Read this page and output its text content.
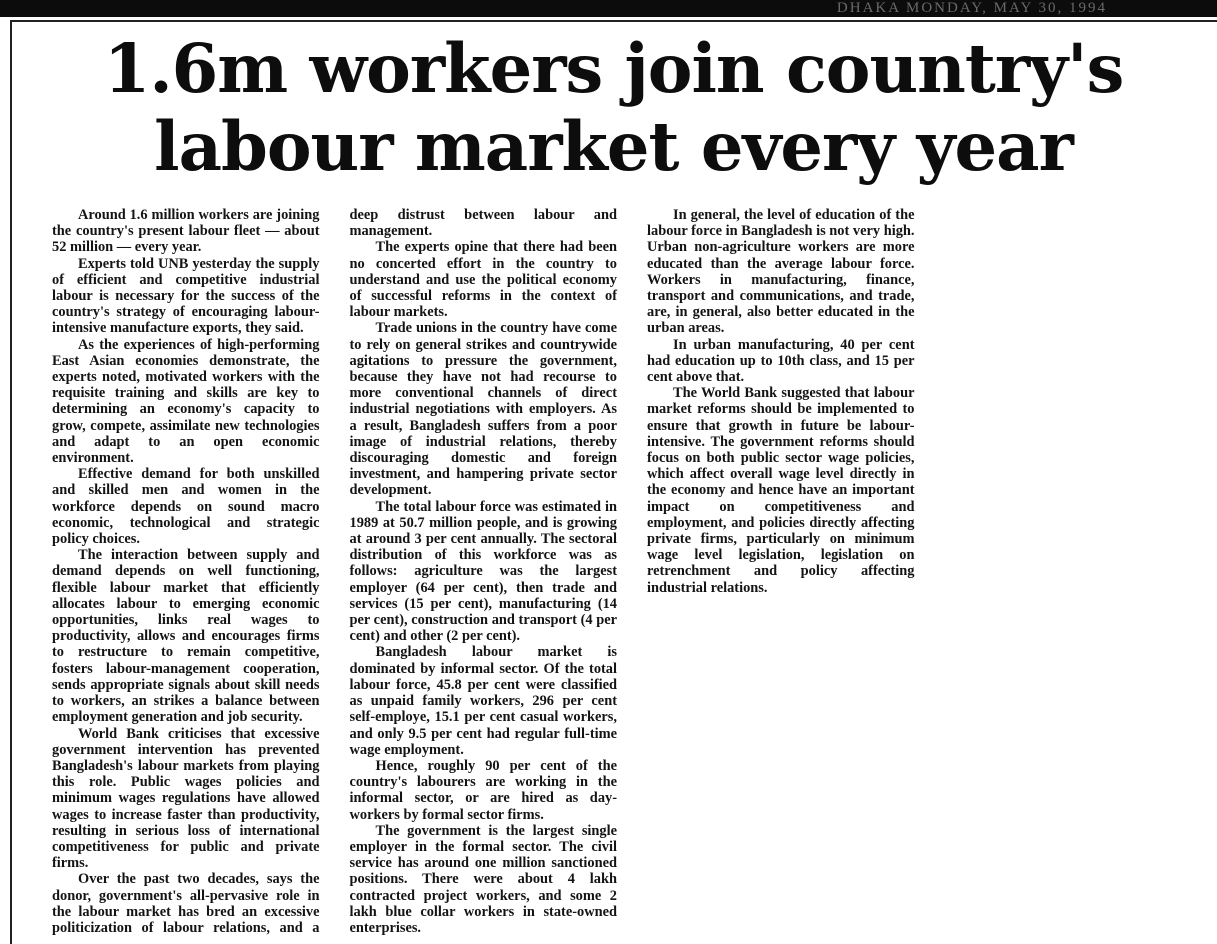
DHAKA MONDAY, MAY 30, 1994
1.6m workers join country's
labour market every year

Around 1.6 million workers are joining the country's present labour fleet — about 52 million — every year.

Experts told UNB yesterday the supply of efficient and competitive industrial labour is necessary for the success of the country's strategy of encouraging labour-intensive manufacture exports, they said.

As the experiences of high-performing East Asian economies demonstrate, the experts noted, motivated workers with the requisite training and skills are key to determining an economy's capacity to grow, compete, assimilate new technologies and adapt to an open economic environment.

Effective demand for both unskilled and skilled men and women in the workforce depends on sound macro economic, technological and strategic policy choices.

The interaction between supply and demand depends on well functioning, flexible labour market that efficiently allocates labour to emerging economic opportunities, links real wages to productivity, allows and encourages firms to restructure to remain competitive, fosters labour-management cooperation, sends appropriate signals about skill needs to workers, an strikes a balance between employment generation and job security.

World Bank criticises that excessive government intervention has prevented Bangladesh's labour markets from playing this role. Public wages policies and minimum wages regulations have allowed wages to increase faster than productivity, resulting in serious loss of international competitiveness for public and private firms.

Over the past two decades, says the donor, government's all-pervasive role in the labour market has bred an excessive politicization of labour relations, and a deep distrust between labour and management.

The experts opine that there had been no concerted effort in the country to understand and use the political economy of successful reforms in the context of labour markets.

Trade unions in the country have come to rely on general strikes and countrywide agitations to pressure the government, because they have not had recourse to more conventional channels of direct industrial negotiations with employers. As a result, Bangladesh suffers from a poor image of industrial relations, thereby discouraging domestic and foreign investment, and hampering private sector development.

The total labour force was estimated in 1989 at 50.7 million people, and is growing at around 3 per cent annually. The sectoral distribution of this workforce was as follows: agriculture was the largest employer (64 per cent), then trade and services (15 per cent), manufacturing (14 per cent), construction and transport (4 per cent) and other (2 per cent).

Bangladesh labour market is dominated by informal sector. Of the total labour force, 45.8 per cent were classified as unpaid family workers, 296 per cent self-employe, 15.1 per cent casual workers, and only 9.5 per cent had regular full-time wage employment.

Hence, roughly 90 per cent of the country's labourers are working in the informal sector, or are hired as day-workers by formal sector firms.

The government is the largest single employer in the formal sector. The civil service has around one million sanctioned positions. There were about 4 lakh contracted project workers, and some 2 lakh blue collar workers in state-owned enterprises.

In general, the level of education of the labour force in Bangladesh is not very high. Urban non-agriculture workers are more educated than the average labour force. Workers in manufacturing, finance, transport and communications, and trade, are, in general, also better educated in the urban areas.

In urban manufacturing, 40 per cent had education up to 10th class, and 15 per cent above that.

The World Bank suggested that labour market reforms should be implemented to ensure that growth in future be labour-intensive. The government reforms should focus on both public sector wage policies, which affect overall wage level directly in the economy and hence have an important impact on competitiveness and employment, and policies directly affecting private firms, particularly on minimum wage level legislation, legislation on retrenchment and policy affecting industrial relations.
